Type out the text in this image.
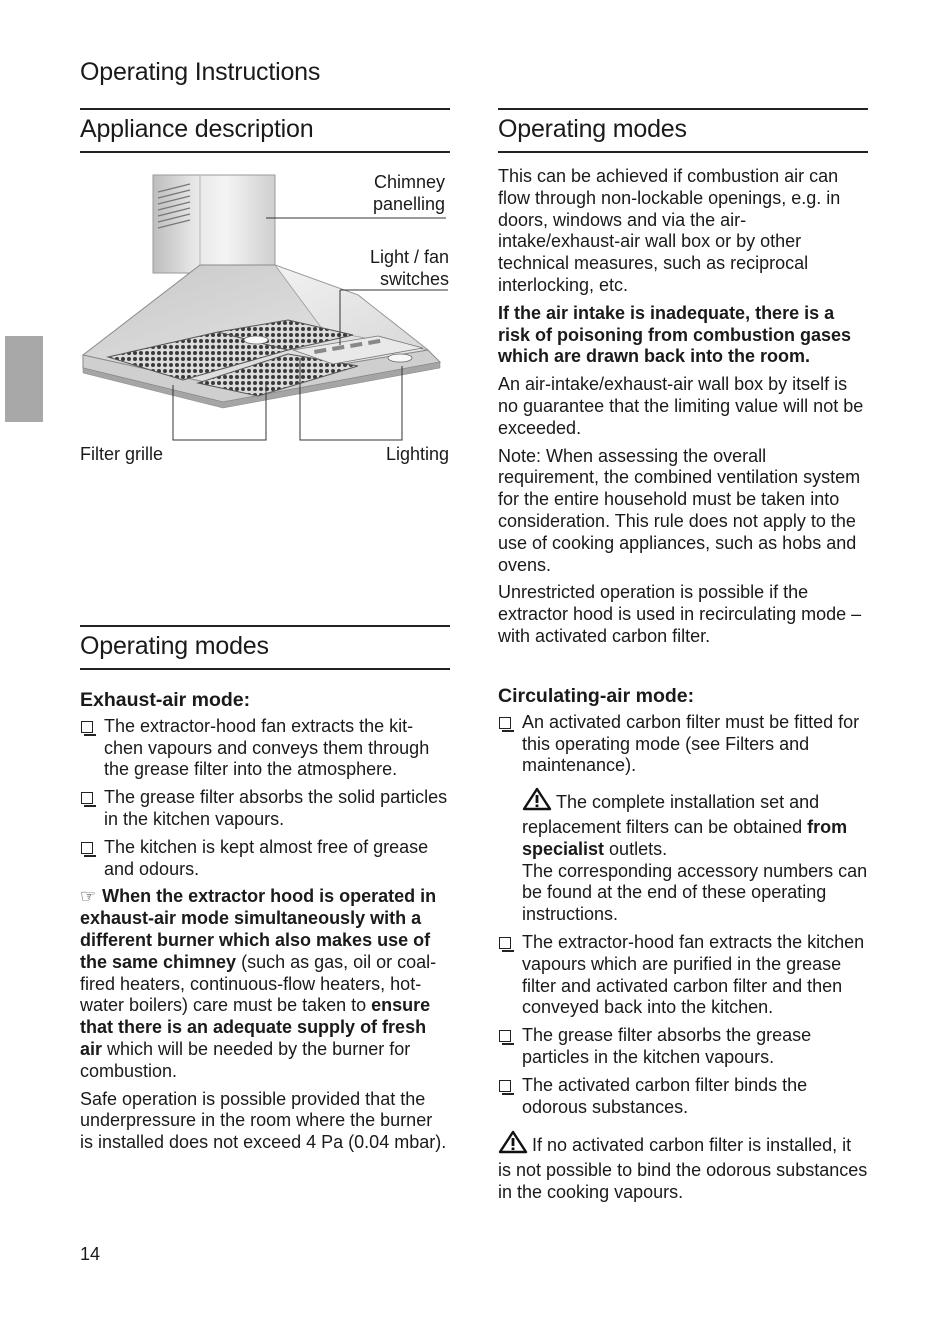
Operating Instructions
Appliance description
Chimney
panelling
Light / fan
switches
Filter grille	Lighting
Operating modes
Exhaust-air mode:
The extractor-hood fan extracts the kit-chen vapours and conveys them through the grease filter into the atmosphere.
The grease filter absorbs the solid particles in the kitchen vapours.
The kitchen is kept almost free of grease and odours.

☞ When the extractor hood is operated in exhaust-air mode simultaneously with a different burner which also makes use of the same chimney (such as gas, oil or coal-fired heaters, continuous-flow heaters, hot-water boilers) care must be taken to ensure that there is an adequate supply of fresh air which will be needed by the burner for combustion.

Safe operation is possible provided that the underpressure in the room where the burner is installed does not exceed 4 Pa (0.04 mbar).

Operating modes

This can be achieved if combustion air can flow through non-lockable openings, e.g. in doors, windows and via the air-intake/exhaust-air wall box or by other technical measures, such as reciprocal interlocking, etc.

If the air intake is inadequate, there is a risk of poisoning from combustion gases which are drawn back into the room.

An air-intake/exhaust-air wall box by itself is no guarantee that the limiting value will not be exceeded.

Note: When assessing the overall requirement, the combined ventilation system for the entire household must be taken into consideration. This rule does not apply to the use of cooking appliances, such as hobs and ovens.

Unrestricted operation is possible if the extractor hood is used in recirculating mode – with activated carbon filter.

Circulating-air mode:
An activated carbon filter must be fitted for this operating mode (see Filters and maintenance).
The complete installation set and replacement filters can be obtained from specialist outlets.
The corresponding accessory numbers can be found at the end of these operating instructions.
The extractor-hood fan extracts the kitchen vapours which are purified in the grease filter and activated carbon filter and then conveyed back into the kitchen.
The grease filter absorbs the grease particles in the kitchen vapours.
The activated carbon filter binds the odorous substances.

If no activated carbon filter is installed, it is not possible to bind the odorous substances in the cooking vapours.

14
